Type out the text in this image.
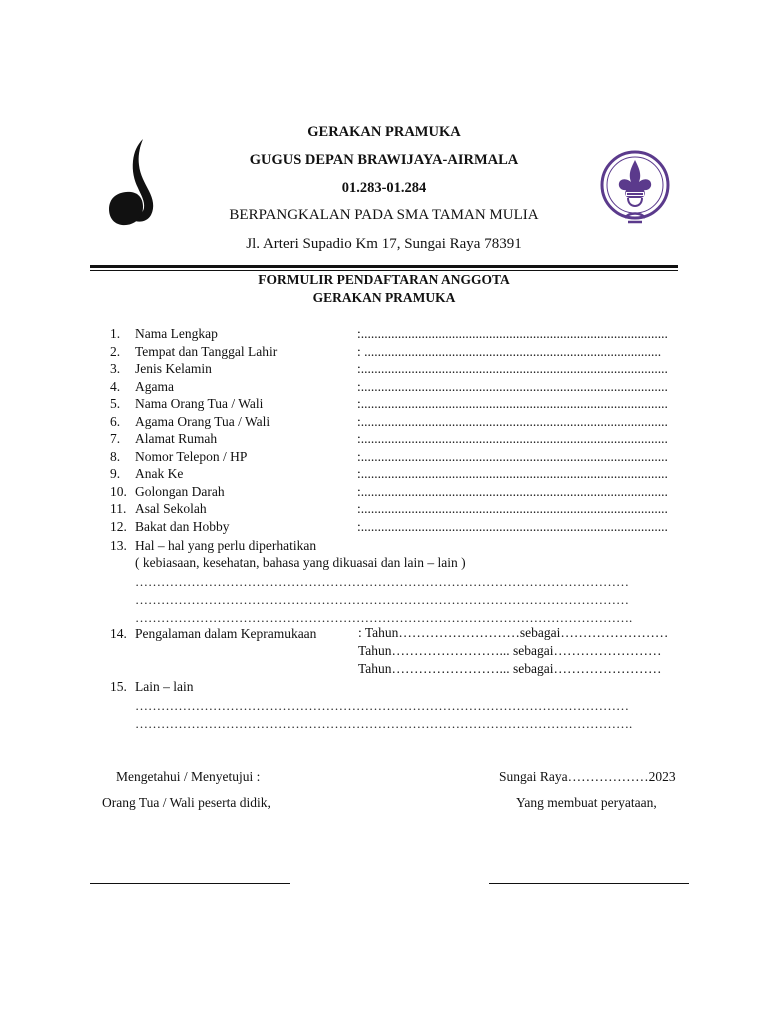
GERAKAN PRAMUKA
GUGUS DEPAN BRAWIJAYA-AIRMALA
01.283-01.284
BERPANGKALAN PADA SMA TAMAN MULIA
Jl. Arteri Supadio Km 17, Sungai Raya 78391
FORMULIR PENDAFTARAN ANGGOTA
GERAKAN PRAMUKA
1.	Nama Lengkap	:...........................................................................................
2.	Tempat dan Tanggal Lahir	: ........................................................................................
3.	Jenis Kelamin	:...........................................................................................
4.	Agama	:...........................................................................................
5.	Nama Orang Tua / Wali	:...........................................................................................
6.	Agama Orang Tua / Wali	:...........................................................................................
7.	Alamat Rumah	:...........................................................................................
8.	Nomor Telepon / HP	:...........................................................................................
9.	Anak Ke	:...........................................................................................
10. Golongan Darah	:...........................................................................................
11. Asal Sekolah	:...........................................................................................
12. Bakat dan Hobby	:...........................................................................................
13. Hal – hal yang perlu diperhatikan
( kebiasaan, kesehatan, bahasa yang dikuasai dan lain – lain )
……………………………………………………………………………………………………
……………………………………………………………………………………………………
…………………………………………………………………………………………………….
14. Pengalaman dalam Kepramukaan	: Tahun………………………sebagai……………………
Tahun……………………... sebagai……………………
Tahun……………………... sebagai……………………
15. Lain – lain
……………………………………………………………………………………………………
…………………………………………………………………………………………………….
Mengetahui / Menyetujui :
Orang Tua / Wali peserta didik,
Sungai Raya………………2023
Yang membuat peryataan,
